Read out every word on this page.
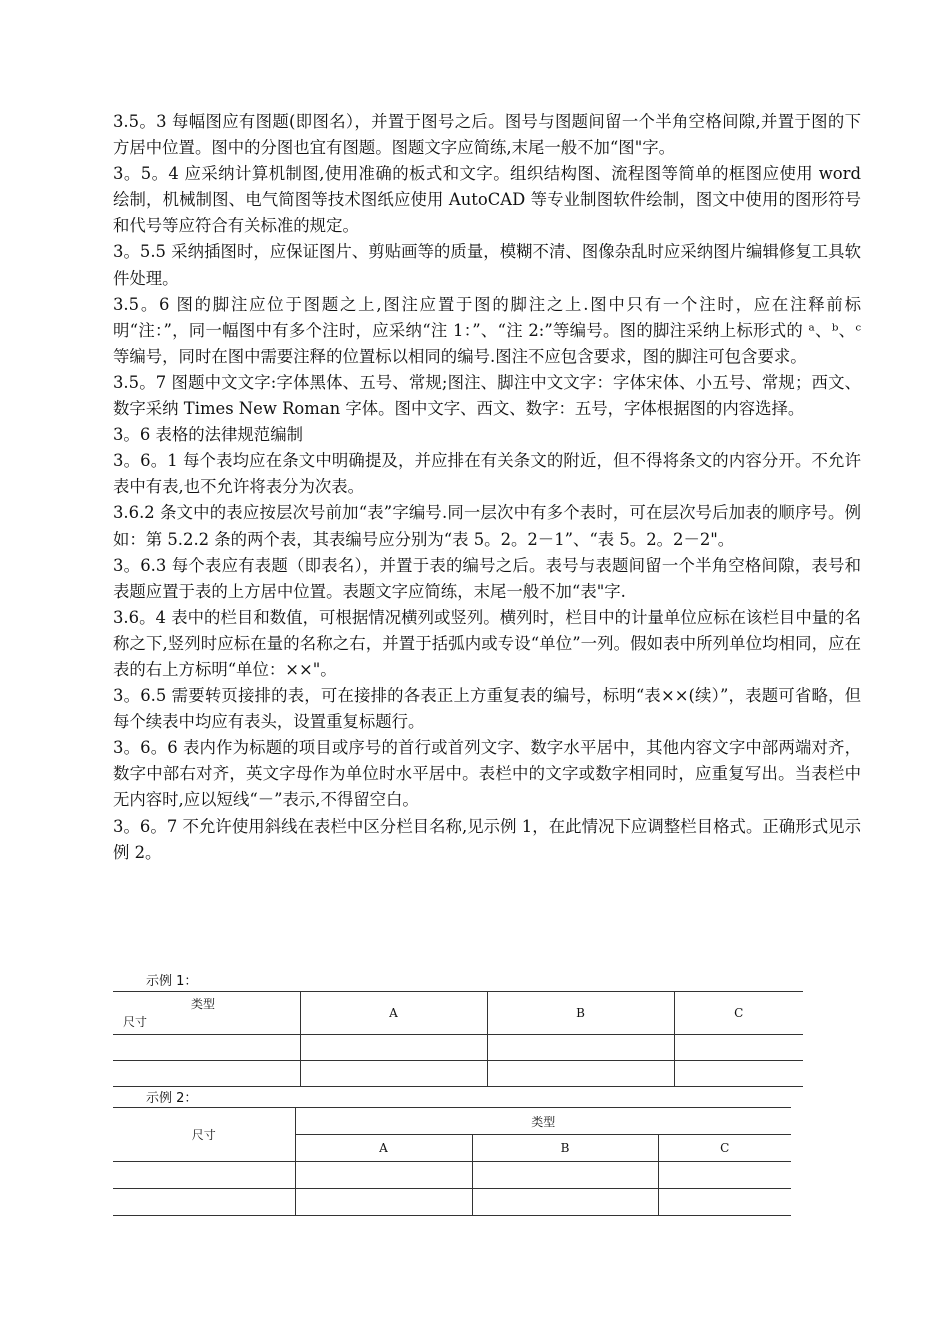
3.5。3 每幅图应有图题(即图名），并置于图号之后。图号与图题间留一个半角空格间隙,并置于图的下方居中位置。图中的分图也宜有图题。图题文字应简练,末尾一般不加“图"字。

3。5。4 应采纳计算机制图,使用准确的板式和文字。组织结构图、流程图等简单的框图应使用 word 绘制，机械制图、电气简图等技术图纸应使用 AutoCAD 等专业制图软件绘制，图文中使用的图形符号和代号等应符合有关标准的规定。

3。5.5 采纳插图时，应保证图片、剪贴画等的质量，模糊不清、图像杂乱时应采纳图片编辑修复工具软件处理。

3.5。6 图的脚注应位于图题之上,图注应置于图的脚注之上.图中只有一个注时，应在注释前标明“注：”，同一幅图中有多个注时，应采纳“注 1：”、“注 2:”等编号。图的脚注采纳上标形式的 ᵃ、ᵇ、ᶜ等编号，同时在图中需要注释的位置标以相同的编号.图注不应包含要求，图的脚注可包含要求。

3.5。7 图题中文文字:字体黑体、五号、常规;图注、脚注中文文字：字体宋体、小五号、常规；西文、数字采纳 Times New Roman 字体。图中文字、西文、数字：五号，字体根据图的内容选择。

3。6 表格的法律规范编制

3。6。1 每个表均应在条文中明确提及，并应排在有关条文的附近，但不得将条文的内容分开。不允许表中有表,也不允许将表分为次表。

3.6.2 条文中的表应按层次号前加“表”字编号.同一层次中有多个表时，可在层次号后加表的顺序号。例如：第 5.2.2 条的两个表，其表编号应分别为“表 5。2。2－1”、“表 5。2。2－2"。

3。6.3 每个表应有表题（即表名），并置于表的编号之后。表号与表题间留一个半角空格间隙，表号和表题应置于表的上方居中位置。表题文字应简练，末尾一般不加“表"字.

3.6。4 表中的栏目和数值，可根据情况横列或竖列。横列时，栏目中的计量单位应标在该栏目中量的名称之下,竖列时应标在量的名称之右，并置于括弧内或专设“单位”一列。假如表中所列单位均相同，应在表的右上方标明“单位：××"。

3。6.5 需要转页接排的表，可在接排的各表正上方重复表的编号，标明“表××(续）”，表题可省略，但每个续表中均应有表头，设置重复标题行。

3。6。6 表内作为标题的项目或序号的首行或首列文字、数字水平居中，其他内容文字中部两端对齐，数字中部右对齐，英文字母作为单位时水平居中。表栏中的文字或数字相同时，应重复写出。当表栏中无内容时,应以短线“－”表示,不得留空白。

3。6。7 不允许使用斜线在表栏中区分栏目名称,见示例 1，在此情况下应调整栏目格式。正确形式见示例 2。

示例 1：
类型
尺寸	A	B	C

示例 2：
尺寸	类型		
	A	B	C
